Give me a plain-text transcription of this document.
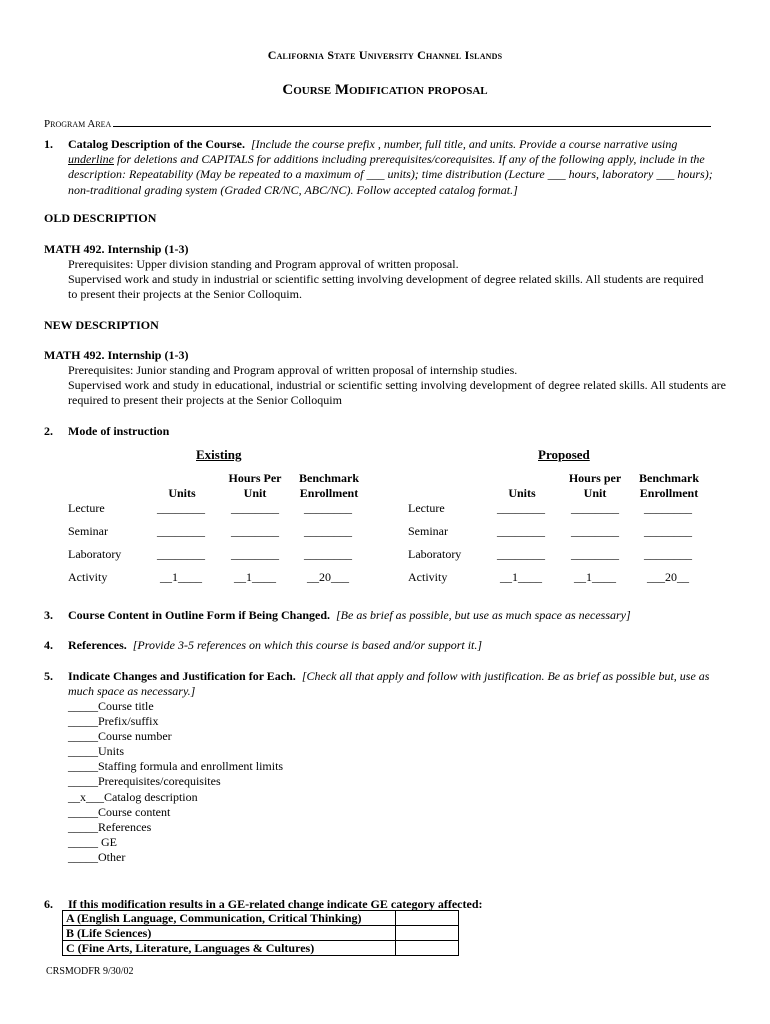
California State University Channel Islands
Course Modification proposal
Program Area
1. Catalog Description of the Course. [Include the course prefix , number, full title, and units. Provide a course narrative using underline for deletions and CAPITALS for additions including prerequisites/corequisites. If any of the following apply, include in the description: Repeatability (May be repeated to a maximum of ___ units); time distribution (Lecture ___ hours, laboratory ___ hours); non-traditional grading system (Graded CR/NC, ABC/NC). Follow accepted catalog format.]
OLD DESCRIPTION
MATH 492. Internship (1-3)
Prerequisites: Upper division standing and Program approval of written proposal.
Supervised work and study in industrial or scientific setting involving development of degree related skills. All students are required to present their projects at the Senior Colloquim.
NEW DESCRIPTION
MATH 492. Internship (1-3)
Prerequisites: Junior standing and Program approval of written proposal of internship studies.
Supervised work and study in educational, industrial or scientific setting involving development of degree related skills. All students are required to present their projects at the Senior Colloquim
2. Mode of instruction
Existing	Proposed
Units
Hours Per
Unit
Benchmark
Enrollment	Units
Hours per
Unit
Benchmark
Enrollment
Lecture	________ ________ ________	Lecture	________ ________ ________
Seminar	________ ________ ________	Seminar	________ ________ ________
Laboratory	________ ________ ________	Laboratory	________ ________ ________
Activity	__1____	__1____	__20___	Activity	__1____	__1____	___20__
3. Course Content in Outline Form if Being Changed. [Be as brief as possible, but use as much space as necessary]
4. References. [Provide 3-5 references on which this course is based and/or support it.]
5. Indicate Changes and Justification for Each. [Check all that apply and follow with justification. Be as brief as possible but, use as much space as necessary.]
_____Course title
_____Prefix/suffix
_____Course number
_____Units
_____Staffing formula and enrollment limits
_____Prerequisites/corequisites
__x___Catalog description
_____Course content
_____References
_____ GE
_____Other
6. If this modification results in a GE-related change indicate GE category affected:
A (English Language, Communication, Critical Thinking)	
B (Life Sciences)	
C (Fine Arts, Literature, Languages & Cultures)	
CRSMODFR 9/30/02
